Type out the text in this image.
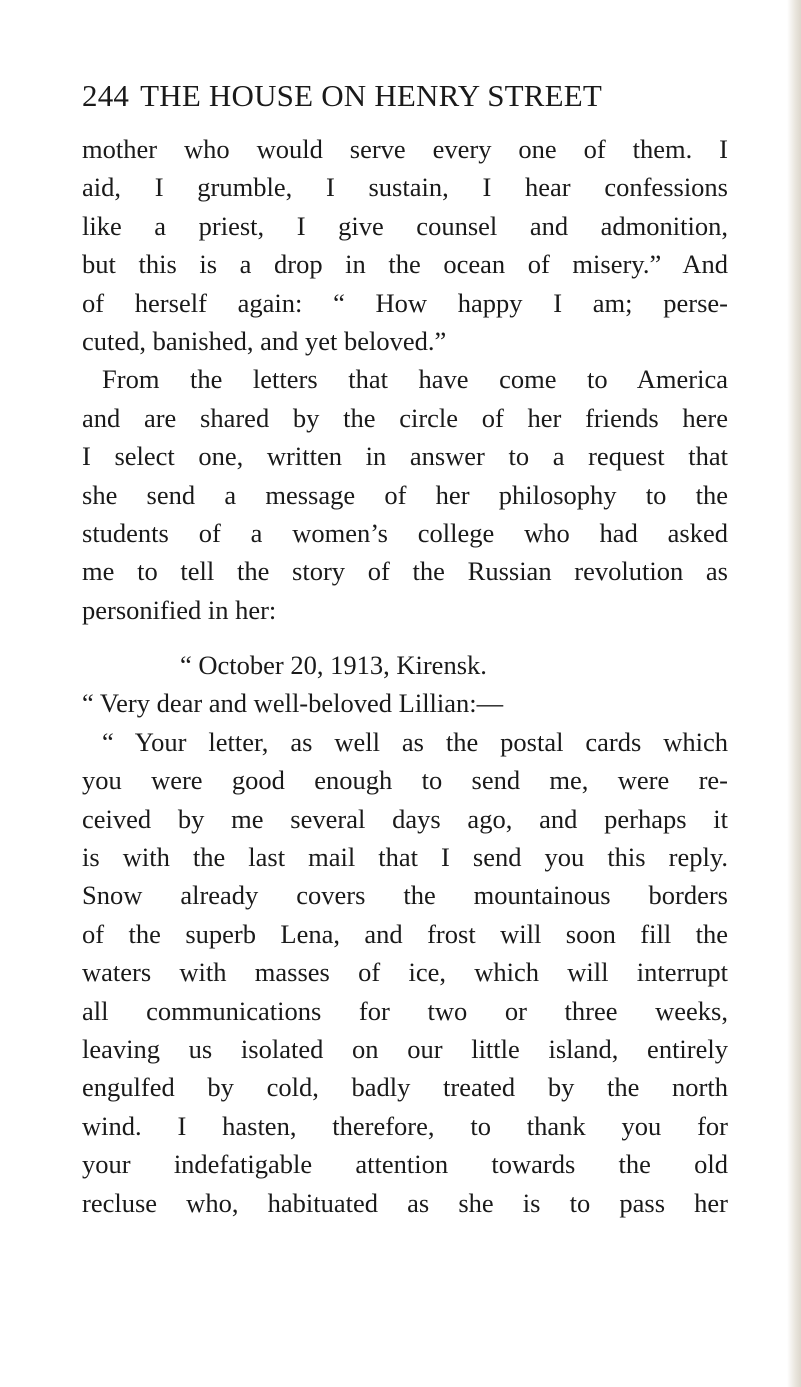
244 THE HOUSE ON HENRY STREET
mother who would serve every one of them. I
aid, I grumble, I sustain, I hear confessions
like a priest, I give counsel and admonition,
but this is a drop in the ocean of misery.” And
of herself again: “ How happy I am; perse-
cuted, banished, and yet beloved.”
From the letters that have come to America
and are shared by the circle of her friends here
I select one, written in answer to a request that
she send a message of her philosophy to the
students of a women’s college who had asked
me to tell the story of the Russian revolution as
personified in her:
“ October 20, 1913, Kirensk.
“ Very dear and well-beloved Lillian:—
“ Your letter, as well as the postal cards which
you were good enough to send me, were re-
ceived by me several days ago, and perhaps it
is with the last mail that I send you this reply.
Snow already covers the mountainous borders
of the superb Lena, and frost will soon fill the
waters with masses of ice, which will interrupt
all communications for two or three weeks,
leaving us isolated on our little island, entirely
engulfed by cold, badly treated by the north
wind. I hasten, therefore, to thank you for
your indefatigable attention towards the old
recluse who, habituated as she is to pass her
